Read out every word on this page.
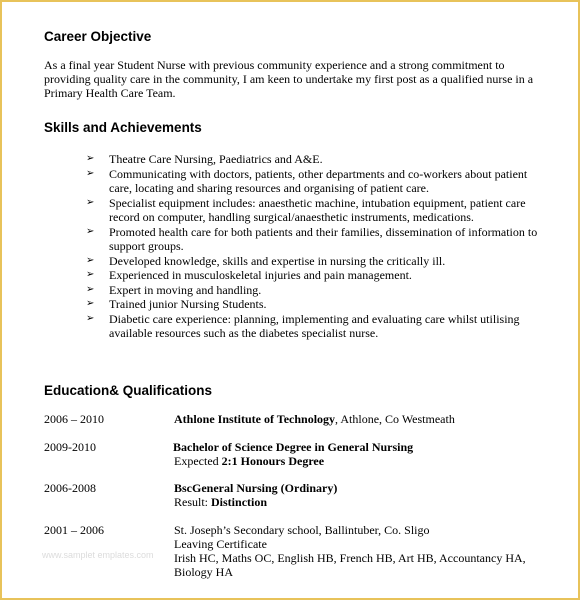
Career Objective

As a final year Student Nurse with previous community experience and a strong commitment to providing quality care in the community, I am keen to undertake my first post as a qualified nurse in a Primary Health Care Team.

Skills and Achievements
➢ Theatre Care Nursing, Paediatrics and A&E.
➢ Communicating with doctors, patients, other departments and co-workers about patient care, locating and sharing resources and organising of patient care.
➢ Specialist equipment includes: anaesthetic machine, intubation equipment, patient care record on computer, handling surgical/anaesthetic instruments, medications.
➢ Promoted health care for both patients and their families, dissemination of information to support groups.
➢ Developed knowledge, skills and expertise in nursing the critically ill.
➢ Experienced in musculoskeletal injuries and pain management.
➢ Expert in moving and handling.
➢ Trained junior Nursing Students.
➢ Diabetic care experience: planning, implementing and evaluating care whilst utilising available resources such as the diabetes specialist nurse.
Education& Qualifications
2006 – 2010	Athlone Institute of Technology, Athlone, Co Westmeath
2009-2010	Bachelor of Science Degree in General Nursing
Expected 2:1 Honours Degree
2006-2008	BscGeneral Nursing (Ordinary)
Result: Distinction
2001 – 2006	St. Joseph’s Secondary school, Ballintuber, Co. Sligo
Leaving Certificate
Irish HC, Maths OC, English HB, French HB, Art HB, Accountancy HA,
Biology HA
www.samplet emplates.com
